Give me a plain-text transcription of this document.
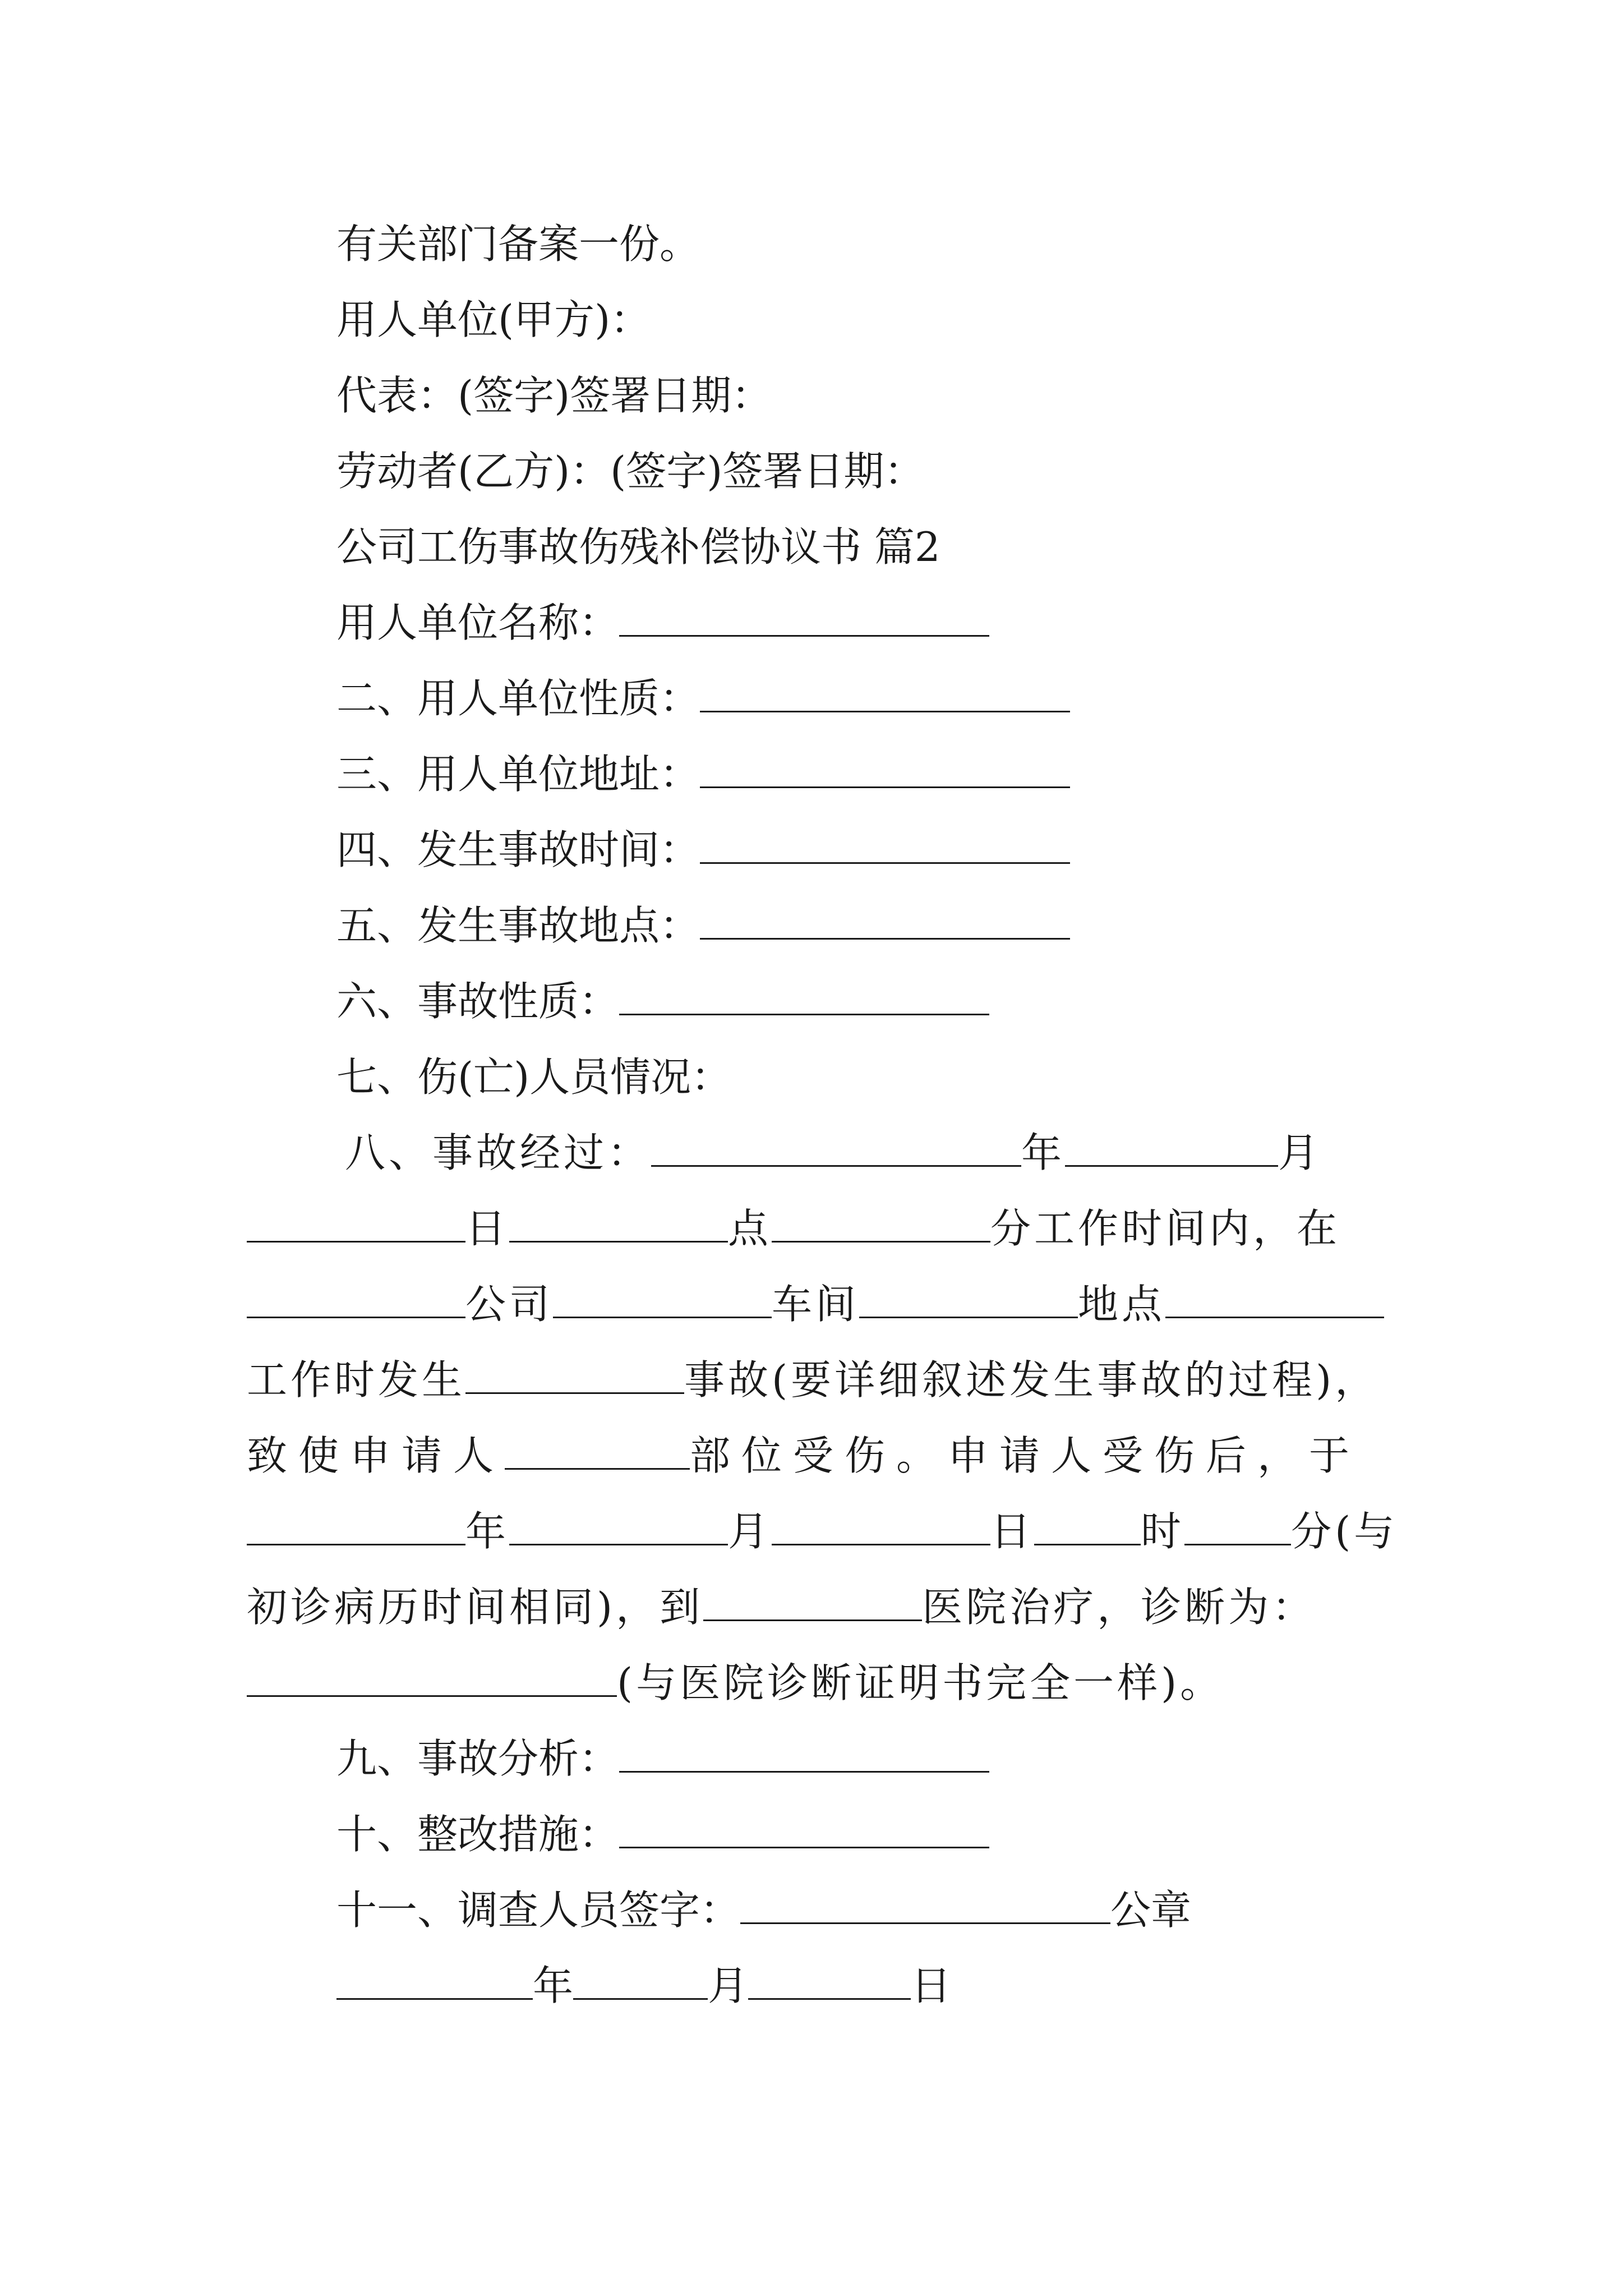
有关部门备案一份。
用人单位(甲方)：
代表：(签字)签署日期：
劳动者(乙方)：(签字)签署日期：
公司工伤事故伤残补偿协议书 篇2
用人单位名称：
二、用人单位性质：
三、用人单位地址：
四、发生事故时间：
五、发生事故地点：
六、事故性质：
七、伤(亡)人员情况：
八、事故经过：	年	月
日	点	分工作时间内，在
公司	车间	地点
工作时发生	事故(要详细叙述发生事故的过程)，
致使申请人	部位受伤。申请人受伤后，于
年	月	日	时	分(与
初诊病历时间相同)，到	医院治疗，诊断为：
(与医院诊断证明书完全一样)。
九、事故分析：
十、整改措施：
十一、调查人员签字：	公章
年	月	日
